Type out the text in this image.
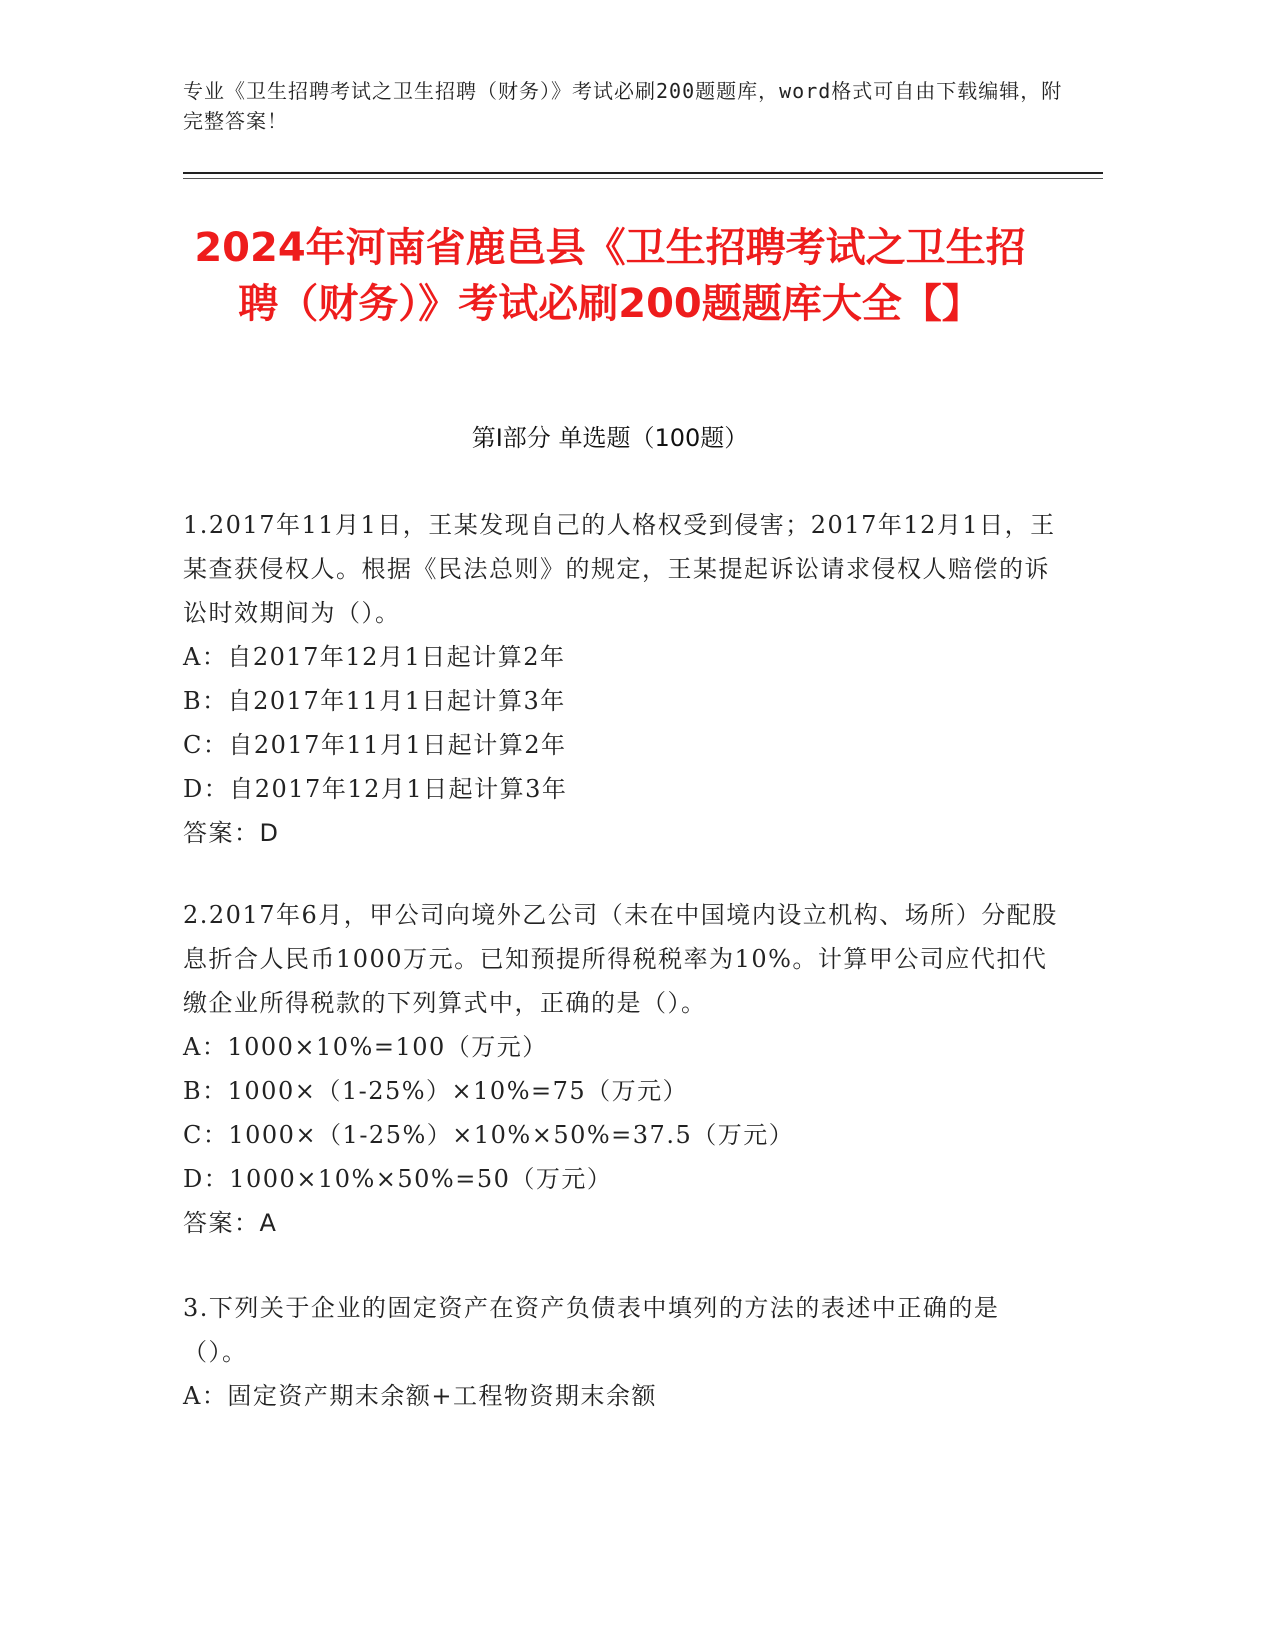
专业《卫生招聘考试之卫生招聘（财务）》考试必刷200题题库，word格式可自由下载编辑，附完整答案！
2024年河南省鹿邑县《卫生招聘考试之卫生招聘（财务）》考试必刷200题题库大全【】
第I部分 单选题（100题）
1.2017年11月1日，王某发现自己的人格权受到侵害；2017年12月1日，王某查获侵权人。根据《民法总则》的规定，王某提起诉讼请求侵权人赔偿的诉讼时效期间为（）。
A：自2017年12月1日起计算2年
B：自2017年11月1日起计算3年
C：自2017年11月1日起计算2年
D：自2017年12月1日起计算3年
答案：D
2.2017年6月，甲公司向境外乙公司（未在中国境内设立机构、场所）分配股息折合人民币1000万元。已知预提所得税税率为10%。计算甲公司应代扣代缴企业所得税款的下列算式中，正确的是（）。
A：1000×10%=100（万元）
B：1000×（1-25%）×10%=75（万元）
C：1000×（1-25%）×10%×50%=37.5（万元）
D：1000×10%×50%=50（万元）
答案：A
3.下列关于企业的固定资产在资产负债表中填列的方法的表述中正确的是（）。
A：固定资产期末余额+工程物资期末余额
